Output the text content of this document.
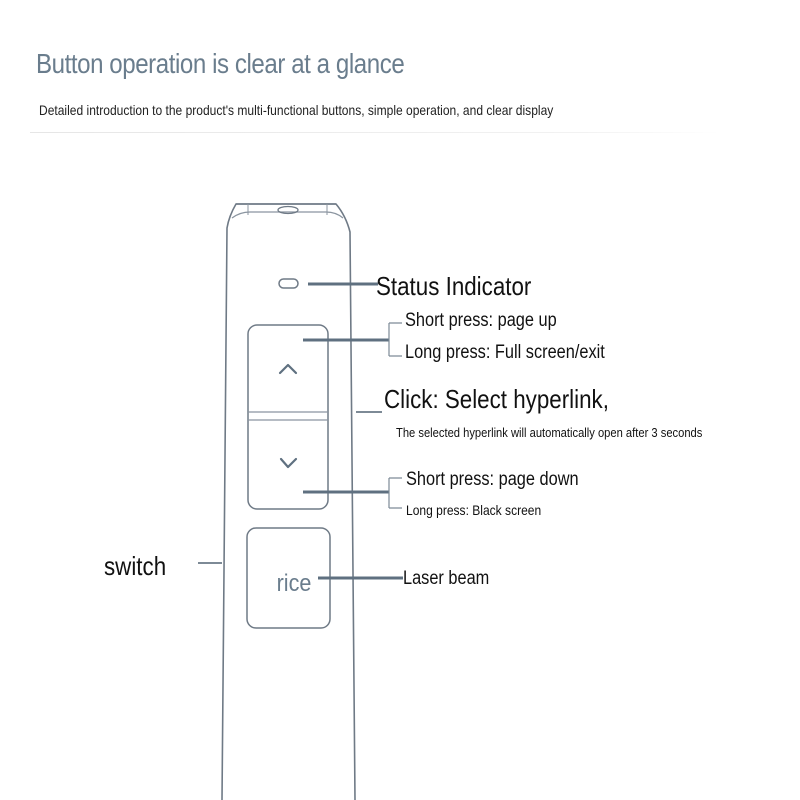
Button operation is clear at a glance
Detailed introduction to the product's multi-functional buttons, simple operation, and clear display
rice
Status Indicator
Short press: page up
Long press: Full screen/exit
Click: Select hyperlink,
The selected hyperlink will automatically open after 3 seconds
Short press: page down
Long press: Black screen
Laser beam
switch
